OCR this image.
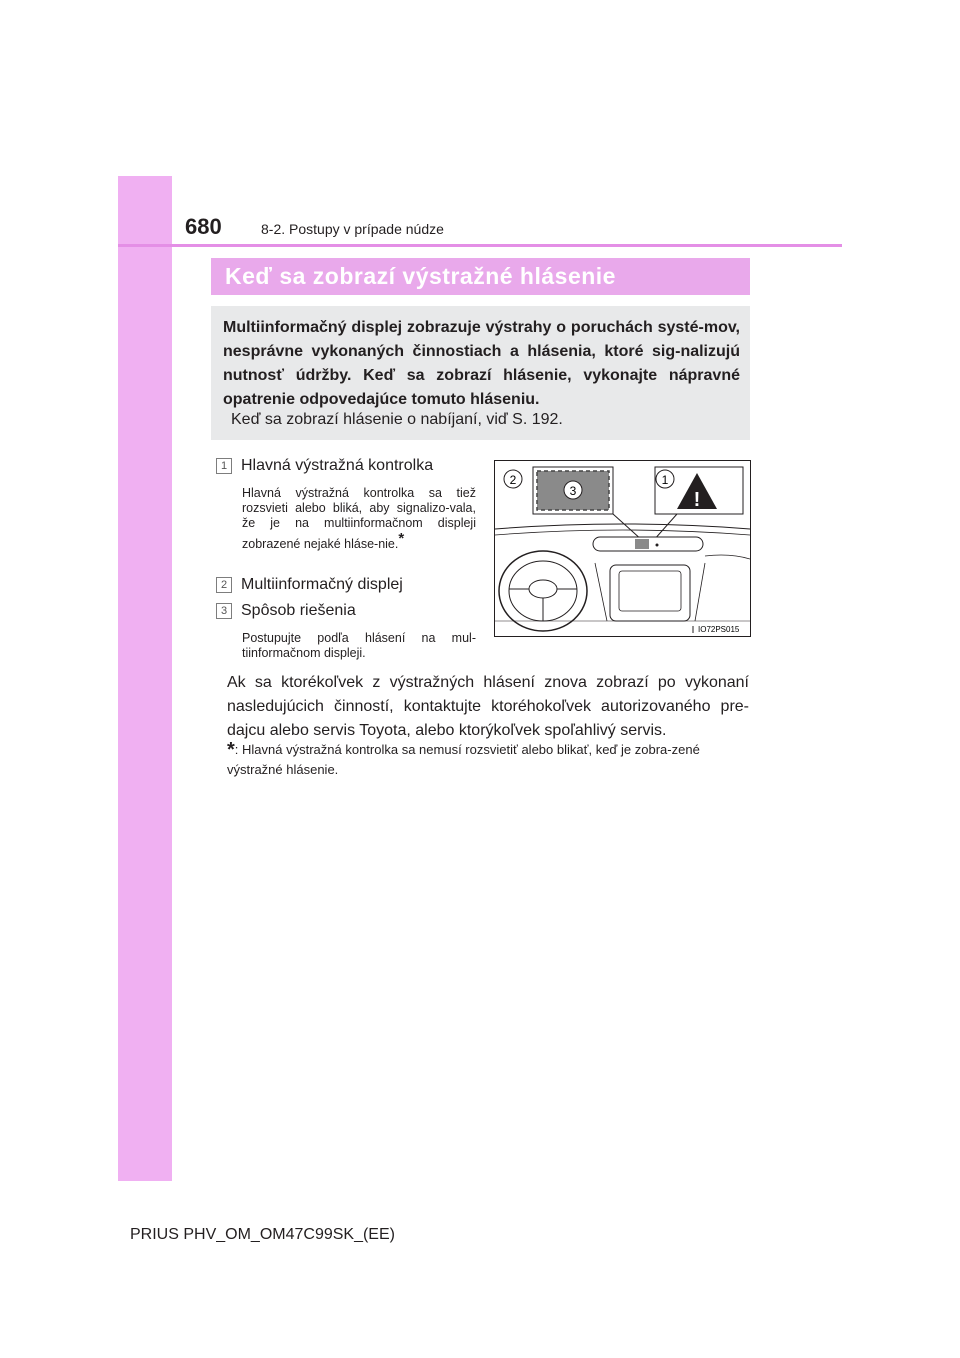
680	8-2. Postupy v prípade núdze
Keď sa zobrazí výstražné hlásenie
Multiinformačný displej zobrazuje výstrahy o poruchách systé-mov, nesprávne vykonaných činnostiach a hlásenia, ktoré sig-nalizujú nutnosť údržby. Keď sa zobrazí hlásenie, vykonajte nápravné opatrenie odpovedajúce tomuto hláseniu.
Keď sa zobrazí hlásenie o nabíjaní, viď S. 192.
1 Hlavná výstražná kontrolka
Hlavná výstražná kontrolka sa tiež rozsvieti alebo bliká, aby signalizo-vala, že je na multiinformačnom displeji zobrazené nejaké hláse-nie.*
2 Multiinformačný displej
3 Spôsob riešenia
Postupujte podľa hlásení na mul-tiinformačnom displeji.
3
2
!
1
IO72PS015
Ak sa ktorékoľvek z výstražných hlásení znova zobrazí po vykonaní nasledujúcich činností, kontaktujte ktoréhokoľvek autorizovaného pre-dajcu alebo servis Toyota, alebo ktorýkoľvek spoľahlivý servis.
*: Hlavná výstražná kontrolka sa nemusí rozsvietiť alebo blikať, keď je zobra-zené výstražné hlásenie.
PRIUS PHV_OM_OM47C99SK_(EE)
